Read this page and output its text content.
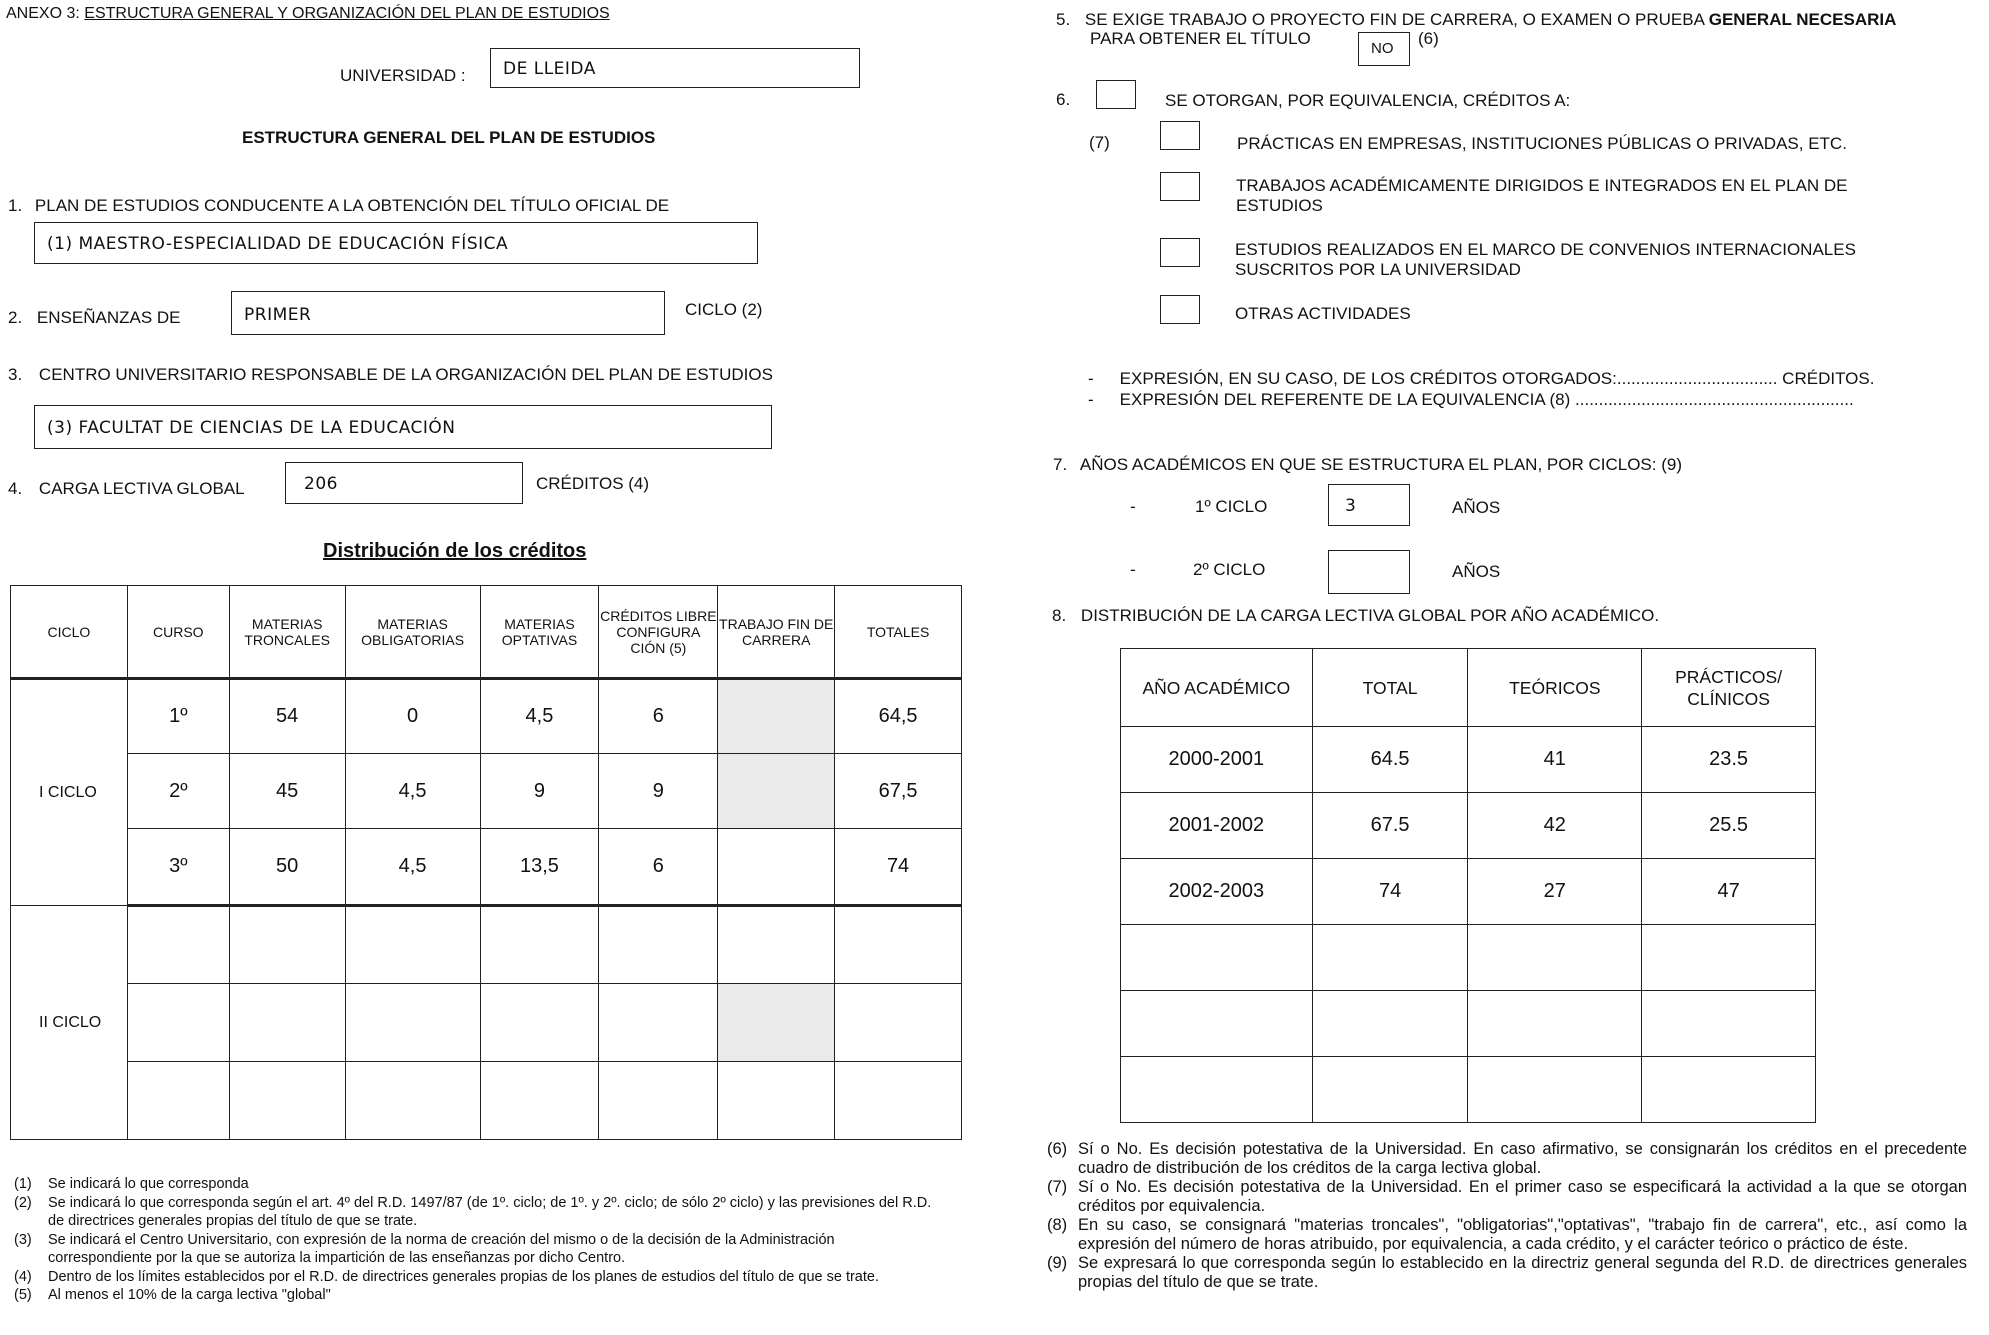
ANEXO 3: ESTRUCTURA GENERAL Y ORGANIZACIÓN DEL PLAN DE ESTUDIOS
UNIVERSIDAD : DE LLEIDA
ESTRUCTURA GENERAL DEL PLAN DE ESTUDIOS
1. PLAN DE ESTUDIOS CONDUCENTE A LA OBTENCIÓN DEL TÍTULO OFICIAL DE
(1) MAESTRO-ESPECIALIDAD DE EDUCACIÓN FÍSICA
2. ENSEÑANZAS DE	PRIMER	CICLO (2)
3. CENTRO UNIVERSITARIO RESPONSABLE DE LA ORGANIZACIÓN DEL PLAN DE ESTUDIOS
(3) FACULTAT DE CIENCIAS DE LA EDUCACIÓN
4. CARGA LECTIVA GLOBAL	206	CRÉDITOS (4)
Distribución de los créditos
CICLO	CURSO	MATERIAS TRONCALES	MATERIAS OBLIGATORIAS	MATERIAS OPTATIVAS	CRÉDITOS LIBRE CONFIGURA CIÓN (5)	TRABAJO FIN DE CARRERA	TOTALES
I CICLO	1º	54	0	4,5	6		64,5
	2º	45	4,5	9	9		67,5
	3º	50	4,5	13,5	6		74
II CICLO							

(1)	Se indicará lo que corresponda
(2)	Se indicará lo que corresponda según el art. 4º del R.D. 1497/87 (de 1º. ciclo; de 1º. y 2º. ciclo; de sólo 2º ciclo) y las previsiones del R.D. de directrices generales propias del título de que se trate.
(3)	Se indicará el Centro Universitario, con expresión de la norma de creación del mismo o de la decisión de la Administración correspondiente por la que se autoriza la impartición de las enseñanzas por dicho Centro.
(4)	Dentro de los límites establecidos por el R.D. de directrices generales propias de los planes de estudios del título de que se trate.
(5)	Al menos el 10% de la carga lectiva "global"
5. SE EXIGE TRABAJO O PROYECTO FIN DE CARRERA, O EXAMEN O PRUEBA GENERAL NECESARIA
PARA OBTENER EL TÍTULO
NO
(6)
6.	SE OTORGAN, POR EQUIVALENCIA, CRÉDITOS A:
(7)	PRÁCTICAS EN EMPRESAS, INSTITUCIONES PÚBLICAS O PRIVADAS, ETC.
TRABAJOS ACADÉMICAMENTE DIRIGIDOS E INTEGRADOS EN EL PLAN DE ESTUDIOS
ESTUDIOS REALIZADOS EN EL MARCO DE CONVENIOS INTERNACIONALES SUSCRITOS POR LA UNIVERSIDAD
OTRAS ACTIVIDADES
- EXPRESIÓN, EN SU CASO, DE LOS CRÉDITOS OTORGADOS:.................................. CRÉDITOS.
- EXPRESIÓN DEL REFERENTE DE LA EQUIVALENCIA (8) ...........................................................
7. AÑOS ACADÉMICOS EN QUE SE ESTRUCTURA EL PLAN, POR CICLOS: (9)
-	1º CICLO	3	AÑOS
-	2º CICLO	AÑOS
8. DISTRIBUCIÓN DE LA CARGA LECTIVA GLOBAL POR AÑO ACADÉMICO.
AÑO ACADÉMICO	TOTAL	TEÓRICOS	PRÁCTICOS/ CLÍNICOS
2000-2001	64.5	41	23.5
2001-2002	67.5	42	25.5
2002-2003	74	27	47

(6) Sí o No. Es decisión potestativa de la Universidad. En caso afirmativo, se consignarán los créditos en el precedente cuadro de distribución de los créditos de la carga lectiva global.
(7) Sí o No. Es decisión potestativa de la Universidad. En el primer caso se especificará la actividad a la que se otorgan créditos por equivalencia.
(8) En su caso, se consignará "materias troncales", "obligatorias","optativas", "trabajo fin de carrera", etc., así como la expresión del número de horas atribuido, por equivalencia, a cada crédito, y el carácter teórico o práctico de éste.
(9) Se expresará lo que corresponda según lo establecido en la directriz general segunda del R.D. de directrices generales propias del título de que se trate.
